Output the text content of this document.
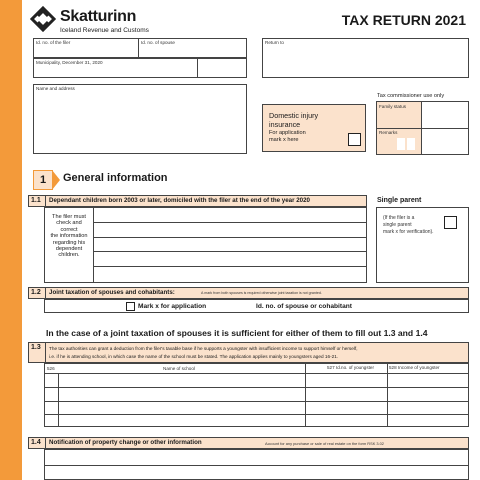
Skatturinn
Iceland Revenue and Customs
TAX RETURN 2021
Id. no. of the filer	Id. no. of spouse
Municipality, December 31, 2020
Return to
Name and address
Domestic injury insurance
For application
mark x here
Tax commissioner use only
Family status
Remarks
1	General information
1.1 Dependant children born 2003 or later, domiciled with the filer at the end of the year 2020
The filer must
check and
correct
the information
regarding his
dependent
children.
Single parent
(If the filer is a
single parent
mark x for verification).
1.2 Joint taxation of spouses and cohabitants:	A mark from both spouses is required otherwise joint taxation is not granted.
Mark x for application	Id. no. of spouse or cohabitant
In the case of a joint taxation of spouses it is sufficient for either of them to fill out 1.3 and 1.4
1.3 The tax authorities can grant a deduction from the filer's taxable base if he supports a youngster with insufficient income to support himself or herself,
i.e. if he is attending school, in which case the name of the school must be stated. The application applies mainly to youngsters aged 16-21.
526	Name of school	527 Id.no. of youngster	528 Income of youngster
1.4 Notification of property change or other information	Account for any purchase or sale of real estate on the form RSK 3.02
